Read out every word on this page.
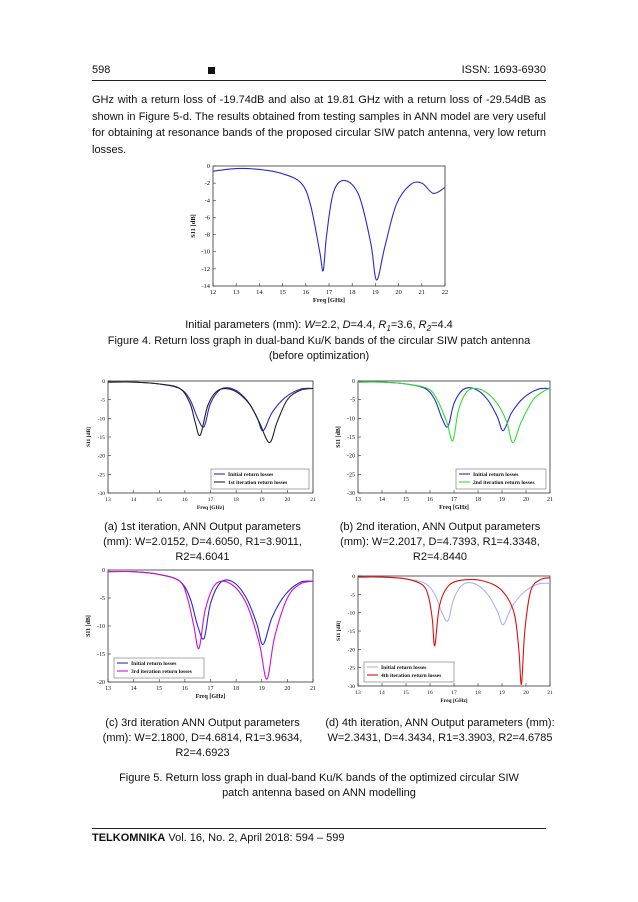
598	ISSN: 1693-6930

GHz with a return loss of -19.74dB and also at 19.81 GHz with a return loss of -29.54dB as shown in Figure 5-d. The results obtained from testing samples in ANN model are very useful for obtaining at resonance bands of the proposed circular SIW patch antenna, very low return losses.

12	13	14	15	16	17	18	19	20	21	22
0
-2
-4
-6
-8
-10
-12
-14
Freq [GHz]
S11 [dB]

Initial parameters (mm): W=2.2, D=4.4, $R_1=3.6$, $R_2=4.4$

Figure 4. Return loss graph in dual-band Ku/K bands of the circular SIW patch antenna (before optimization)

13	14	15	16	17	18	19	20	21
0
-5
-10
-15
-20
-25
-30
Freq [GHz]
S11 [dB]
Initial return losses
1st iteration return losses
13	14	15	16	17	18	19	20	21
0
-5
-10
-15
-20
-25
-30
Freq [GHz]
S11 [dB]
Initial return losses
2nd iteration return losses

(a) 1st iteration, ANN Output parameters (mm): W=2.0152, D=4.6050, R1=3.9011, R2=4.6041

(b) 2nd iteration, ANN Output parameters (mm): W=2.2017, D=4.7393, R1=4.3348, R2=4.8440

13	14	15	16	17	18	19	20	21
0
-5
-10
-15
-20
Freq [GHz]
S11 [dB]
Initial return losses
3rd iteration return losses
13	14	15	16	17	18	19	20	21
0
-5
-10
-15
-20
-25
-30
Freq [GHz]
S11 [dB]
Initial return losses
4th iteration return losses

(c) 3rd iteration ANN Output parameters (mm): W=2.1800, D=4.6814, R1=3.9634, R2=4.6923

(d) 4th iteration, ANN Output parameters (mm): W=2.3431, D=4.3434, R1=3.3903, R2=4.6785

Figure 5. Return loss graph in dual-band Ku/K bands of the optimized circular SIW patch antenna based on ANN modelling

TELKOMNIKA Vol. 16, No. 2, April 2018: 594 – 599
